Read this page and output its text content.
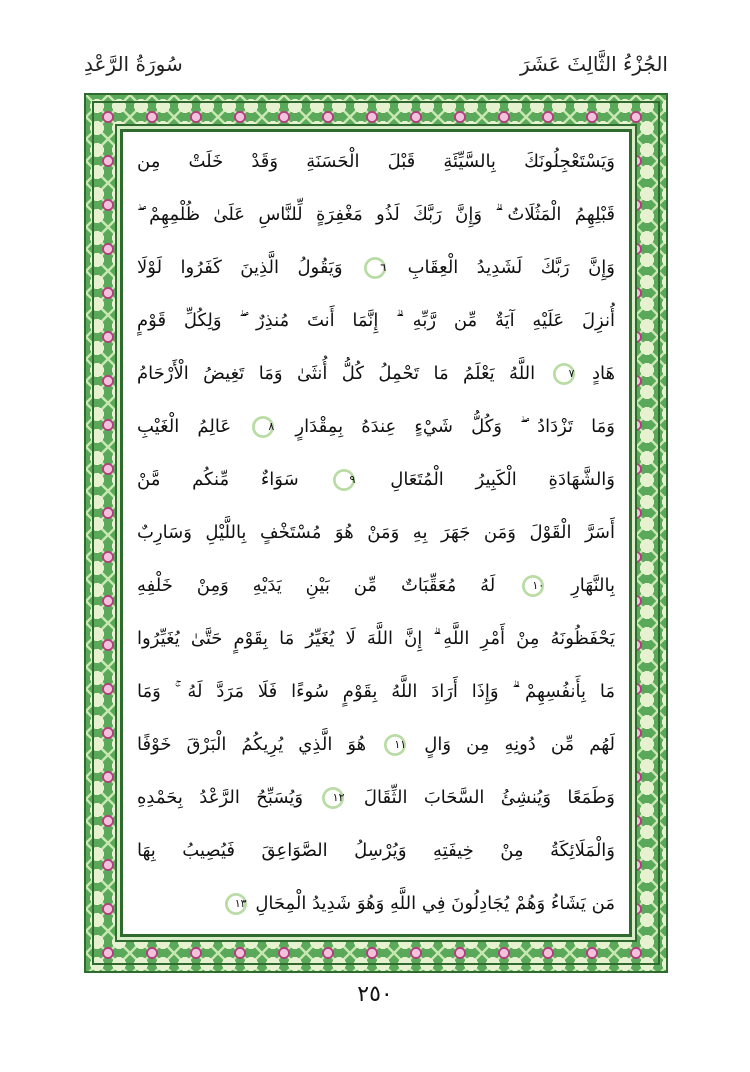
الجُزْءُ الثَّالِثَ عَشَرَ
سُورَةُ الرَّعْدِ
وَيَسْتَعْجِلُونَكَ بِالسَّيِّئَةِ قَبْلَ الْحَسَنَةِ وَقَدْ خَلَتْ مِن
قَبْلِهِمُ الْمَثُلَاتُ ۗ وَإِنَّ رَبَّكَ لَذُو مَغْفِرَةٍ لِّلنَّاسِ عَلَىٰ ظُلْمِهِمْ ۖ
وَإِنَّ رَبَّكَ لَشَدِيدُ الْعِقَابِ ٦ وَيَقُولُ الَّذِينَ كَفَرُوا لَوْلَا
أُنزِلَ عَلَيْهِ آيَةٌ مِّن رَّبِّهِ ۗ إِنَّمَا أَنتَ مُنذِرٌ ۖ وَلِكُلِّ قَوْمٍ
هَادٍ ٧ اللَّهُ يَعْلَمُ مَا تَحْمِلُ كُلُّ أُنثَىٰ وَمَا تَغِيضُ الْأَرْحَامُ
وَمَا تَزْدَادُ ۖ وَكُلُّ شَيْءٍ عِندَهُ بِمِقْدَارٍ ٨ عَالِمُ الْغَيْبِ
وَالشَّهَادَةِ الْكَبِيرُ الْمُتَعَالِ ٩ سَوَاءٌ مِّنكُم مَّنْ
أَسَرَّ الْقَوْلَ وَمَن جَهَرَ بِهِ وَمَنْ هُوَ مُسْتَخْفٍ بِاللَّيْلِ وَسَارِبٌ
بِالنَّهَارِ ١٠ لَهُ مُعَقِّبَاتٌ مِّن بَيْنِ يَدَيْهِ وَمِنْ خَلْفِهِ
يَحْفَظُونَهُ مِنْ أَمْرِ اللَّهِ ۗ إِنَّ اللَّهَ لَا يُغَيِّرُ مَا بِقَوْمٍ حَتَّىٰ يُغَيِّرُوا
مَا بِأَنفُسِهِمْ ۗ وَإِذَا أَرَادَ اللَّهُ بِقَوْمٍ سُوءًا فَلَا مَرَدَّ لَهُ ۚ وَمَا
لَهُم مِّن دُونِهِ مِن وَالٍ ١١ هُوَ الَّذِي يُرِيكُمُ الْبَرْقَ خَوْفًا
وَطَمَعًا وَيُنشِئُ السَّحَابَ الثِّقَالَ ١٢ وَيُسَبِّحُ الرَّعْدُ بِحَمْدِهِ
وَالْمَلَائِكَةُ مِنْ خِيفَتِهِ وَيُرْسِلُ الصَّوَاعِقَ فَيُصِيبُ بِهَا
مَن يَشَاءُ وَهُمْ يُجَادِلُونَ فِي اللَّهِ وَهُوَ شَدِيدُ الْمِحَالِ ١٣
٢٥٠
